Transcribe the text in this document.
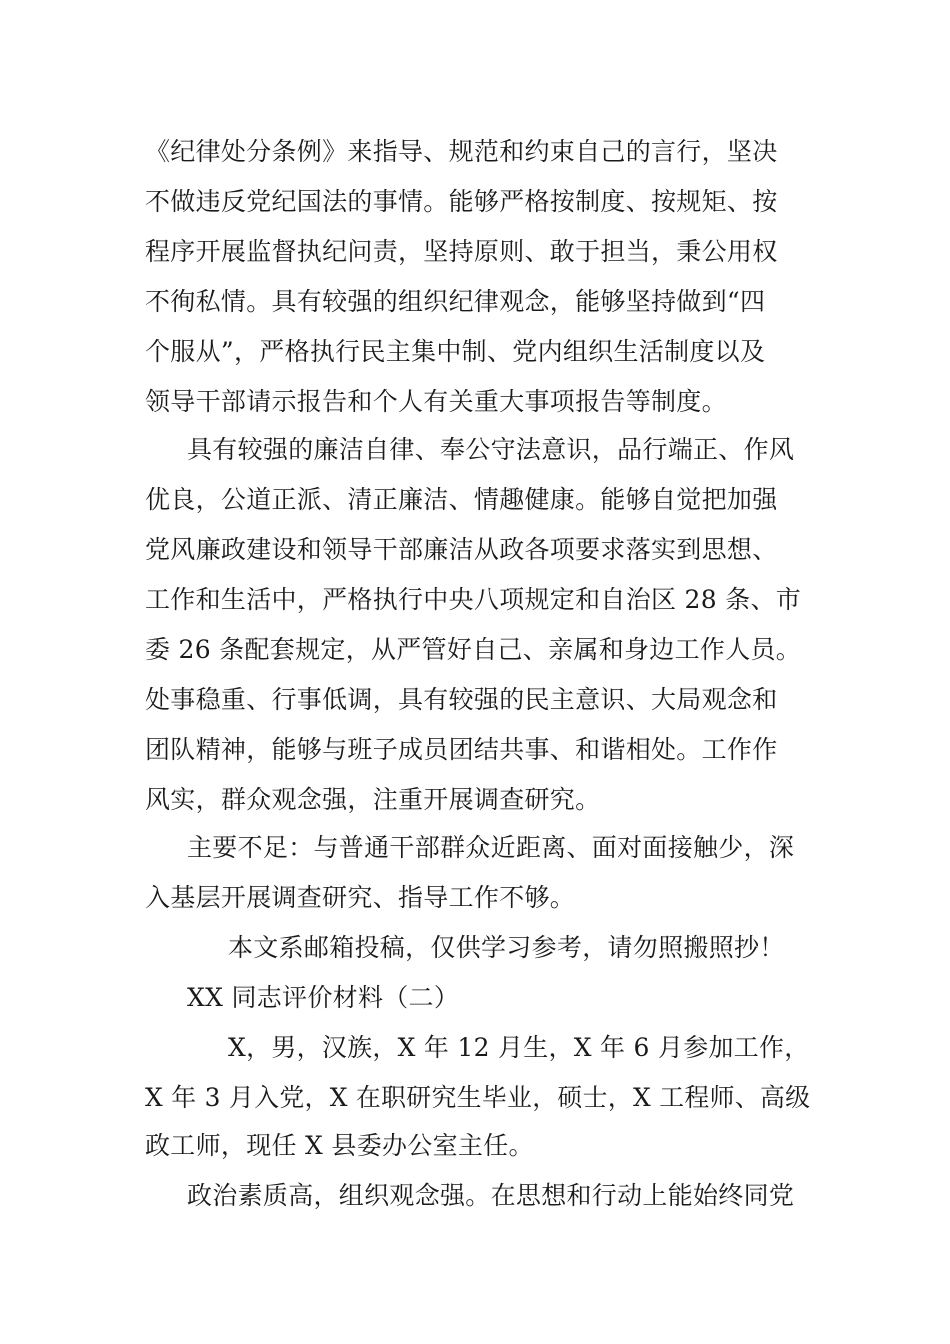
《纪律处分条例》来指导、规范和约束自己的言行，坚决
不做违反党纪国法的事情。能够严格按制度、按规矩、按
程序开展监督执纪问责，坚持原则、敢于担当，秉公用权
不徇私情。具有较强的组织纪律观念，能够坚持做到“四
个服从”，严格执行民主集中制、党内组织生活制度以及
领导干部请示报告和个人有关重大事项报告等制度。
具有较强的廉洁自律、奉公守法意识，品行端正、作风
优良，公道正派、清正廉洁、情趣健康。能够自觉把加强
党风廉政建设和领导干部廉洁从政各项要求落实到思想、
工作和生活中，严格执行中央八项规定和自治区 28 条、市
委 26 条配套规定，从严管好自己、亲属和身边工作人员。
处事稳重、行事低调，具有较强的民主意识、大局观念和
团队精神，能够与班子成员团结共事、和谐相处。工作作
风实，群众观念强，注重开展调查研究。
主要不足：与普通干部群众近距离、面对面接触少，深
入基层开展调查研究、指导工作不够。
本文系邮箱投稿，仅供学习参考，请勿照搬照抄！
XX 同志评价材料（二）
X，男，汉族，X 年 12 月生，X 年 6 月参加工作，
X 年 3 月入党，X 在职研究生毕业，硕士，X 工程师、高级
政工师，现任 X 县委办公室主任。
政治素质高，组织观念强。在思想和行动上能始终同党
